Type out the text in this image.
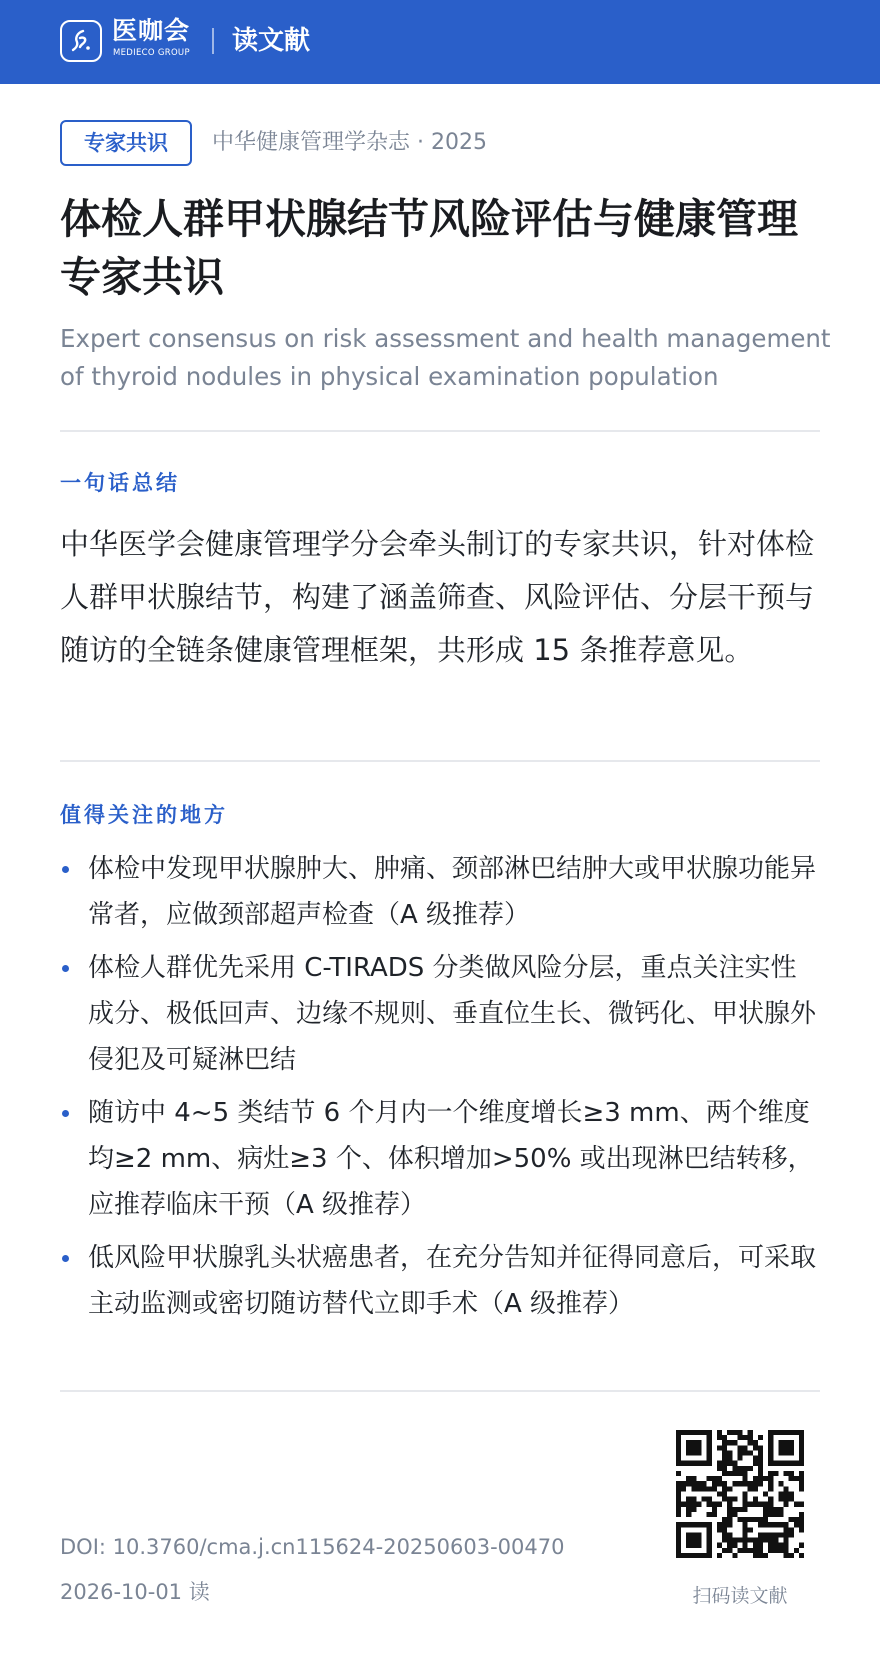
医咖会
MEDIECO GROUP 读文献
专家共识	中华健康管理学杂志 · 2025
体检人群甲状腺结节风险评估与健康管理专家共识
Expert consensus on risk assessment and health management of thyroid nodules in physical examination population
一句话总结
中华医学会健康管理学分会牵头制订的专家共识，针对体检人群甲状腺结节，构建了涵盖筛查、风险评估、分层干预与随访的全链条健康管理框架，共形成 15 条推荐意见。
值得关注的地方
体检中发现甲状腺肿大、肿痛、颈部淋巴结肿大或甲状腺功能异常者，应做颈部超声检查（A 级推荐）
体检人群优先采用 C-TIRADS 分类做风险分层，重点关注实性成分、极低回声、边缘不规则、垂直位生长、微钙化、甲状腺外侵犯及可疑淋巴结
随访中 4~5 类结节 6 个月内一个维度增长≥3 mm、两个维度均≥2 mm、病灶≥3 个、体积增加>50% 或出现淋巴结转移，应推荐临床干预（A 级推荐）
低风险甲状腺乳头状癌患者，在充分告知并征得同意后，可采取主动监测或密切随访替代立即手术（A 级推荐）
DOI: 10.3760/cma.j.cn115624-20250603-00470
2026-10-01 读	扫码读文献
